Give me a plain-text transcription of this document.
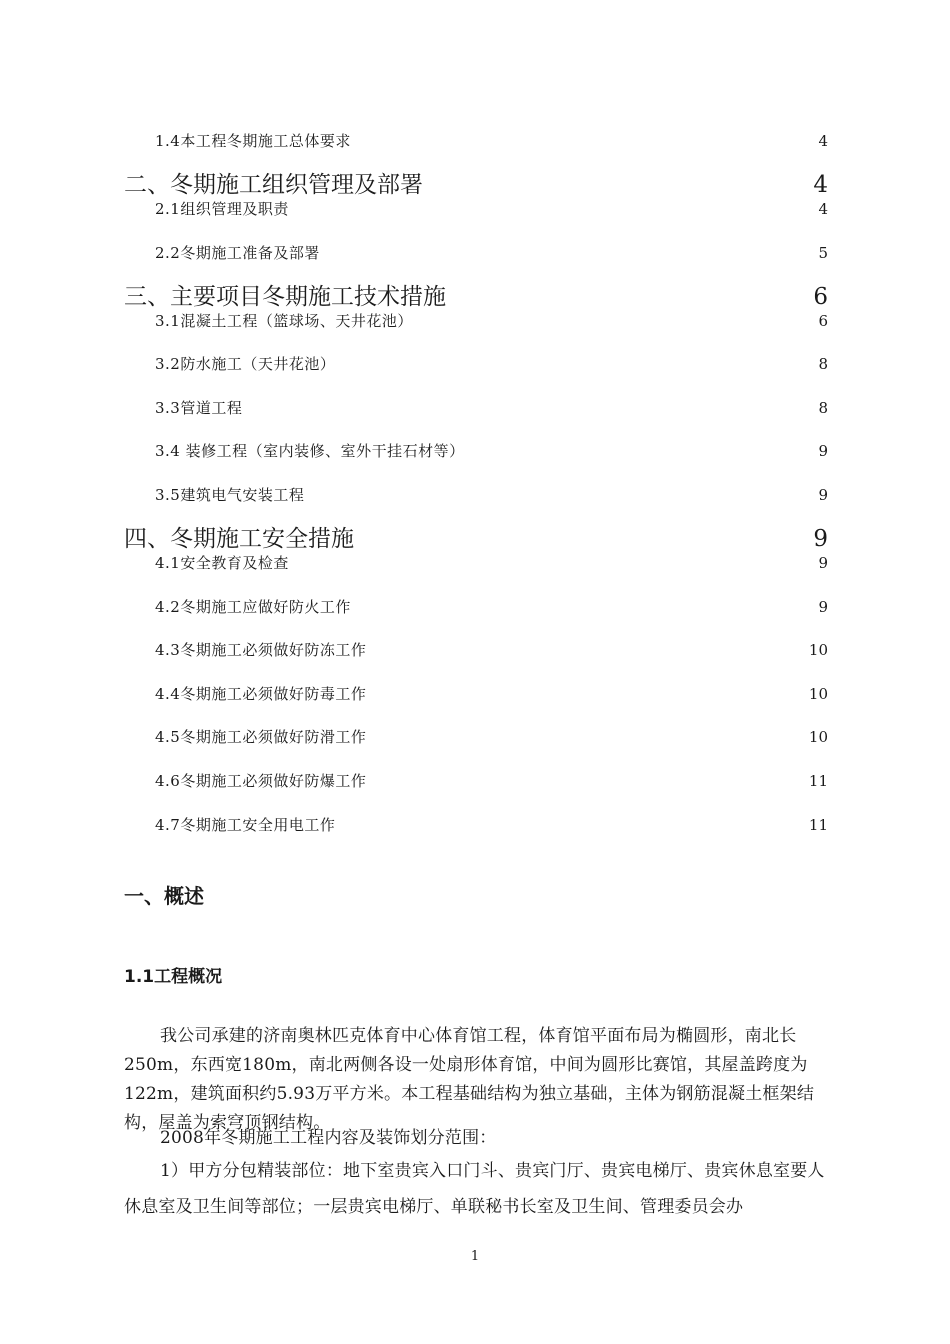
1.4本工程冬期施工总体要求	4
二、冬期施工组织管理及部署	4
2.1组织管理及职责	4
2.2冬期施工准备及部署	5
三、主要项目冬期施工技术措施	6
3.1混凝土工程（篮球场、天井花池）	6
3.2防水施工（天井花池）	8
3.3管道工程	8
3.4 装修工程（室内装修、室外干挂石材等）	9
3.5建筑电气安装工程	9
四、冬期施工安全措施	9
4.1安全教育及检查	9
4.2冬期施工应做好防火工作	9
4.3冬期施工必须做好防冻工作	10
4.4冬期施工必须做好防毒工作	10
4.5冬期施工必须做好防滑工作	10
4.6冬期施工必须做好防爆工作	11
4.7冬期施工安全用电工作	11
一、概述
1.1工程概况

我公司承建的济南奥林匹克体育中心体育馆工程，体育馆平面布局为椭圆形，南北长250m，东西宽180m，南北两侧各设一处扇形体育馆，中间为圆形比赛馆，其屋盖跨度为122m，建筑面积约5.93万平方米。本工程基础结构为独立基础，主体为钢筋混凝土框架结构，屋盖为索穹顶钢结构。

2008年冬期施工工程内容及装饰划分范围：

1）甲方分包精装部位：地下室贵宾入口门斗、贵宾门厅、贵宾电梯厅、贵宾休息室要人休息室及卫生间等部位；一层贵宾电梯厅、单联秘书长室及卫生间、管理委员会办

1
